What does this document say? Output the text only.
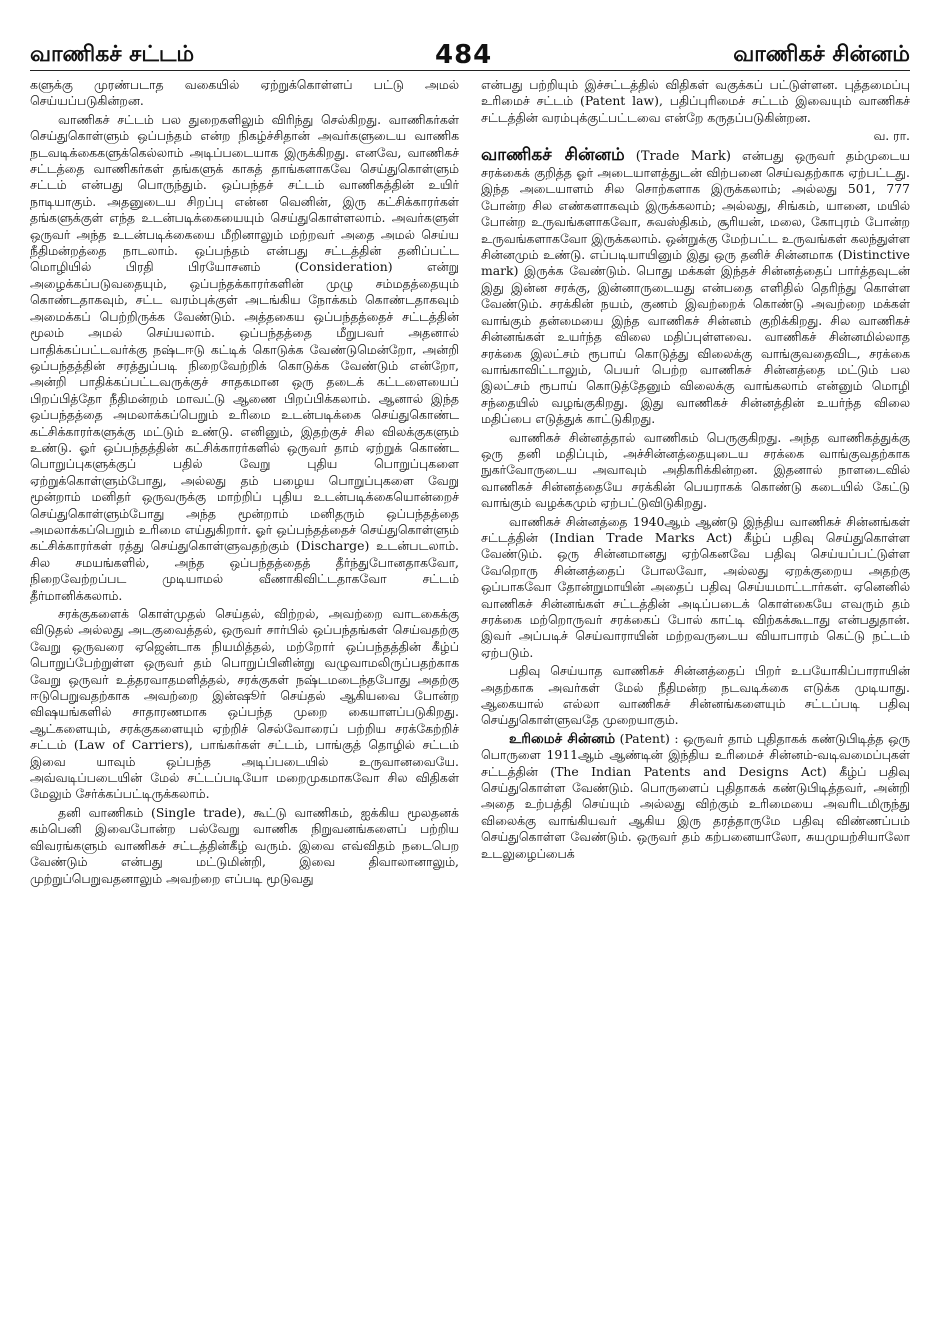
வாணிகச் சட்டம்	484	வாணிகச் சின்னம்

களுக்கு முரண்படாத வகையில் ஏற்றுக்கொள்ளப் பட்டு அமல் செய்யப்படுகின்றன.

வாணிகச் சட்டம் பல துறைகளிலும் விரிந்து செல்கிறது. வாணிகர்கள் செய்துகொள்ளும் ஒப்பந்தம் என்ற நிகழ்ச்சிதான் அவர்களுடைய வாணிக நடவடிக்கைகளுக்கெல்லாம் அடிப்படையாக இருக்கிறது. எனவே, வாணிகச் சட்டத்தை வாணிகர்கள் தங்களுக் காகத் தாங்களாகவே செய்துகொள்ளும் சட்டம் என்பது பொருந்தும். ஒப்பந்தச் சட்டம் வாணிகத்தின் உயிர் நாடியாகும். அதனுடைய சிறப்பு என்ன வெனின், இரு கட்சிக்காரர்கள் தங்களுக்குள் எந்த உடன்படிக்கையையும் செய்துகொள்ளலாம். அவர்களுள் ஒருவர் அந்த உடன்படிக்கையை மீறினாலும் மற்றவர் அதை அமல் செய்ய நீதிமன்றத்தை நாடலாம். ஒப்பந்தம் என்பது சட்டத்தின் தனிப்பட்ட மொழியில் பிரதி பிரயோசனம் (Consideration) என்று அழைக்கப்படுவதையும், ஒப்பந்தக்காரர்களின் முழு சம்மதத்தையும் கொண்டதாகவும், சட்ட வரம்புக்குள் அடங்கிய நோக்கம் கொண்டதாகவும் அமைக்கப் பெற்றிருக்க வேண்டும். அத்தகைய ஒப்பந்தத்தைச் சட்டத்தின் மூலம் அமல் செய்யலாம். ஒப்பந்தத்தை மீறுபவர் அதனால் பாதிக்கப்பட்டவர்க்கு நஷ்டஈடு கட்டிக் கொடுக்க வேண்டுமென்றோ, அன்றி ஒப்பந்தத்தின் சரத்துப்படி நிறைவேற்றிக் கொடுக்க வேண்டும் என்றோ, அன்றி பாதிக்கப்பட்டவருக்குச் சாதகமான ஒரு தடைக் கட்டளையைப் பிறப்பித்தோ நீதிமன்றம் மாவட்டு ஆணை பிறப்பிக்கலாம். ஆனால் இந்த ஒப்பந்தத்தை அமலாக்கப்பெறும் உரிமை உடன்படிக்கை செய்துகொண்ட கட்சிக்காரர்களுக்கு மட்டும் உண்டு. எனினும், இதற்குச் சில விலக்குகளும் உண்டு. ஓர் ஒப்பந்தத்தின் கட்சிக்காரர்களில் ஒருவர் தாம் ஏற்றுக் கொண்ட பொறுப்புகளுக்குப் பதில் வேறு புதிய பொறுப்புகளை ஏற்றுக்கொள்ளும்போது, அல்லது தம் பழைய பொறுப்புகளை வேறு மூன்றாம் மனிதர் ஒருவருக்கு மாற்றிப் புதிய உடன்படிக்கையொன்றைச் செய்துகொள்ளும்போது அந்த மூன்றாம் மனிதரும் ஒப்பந்தத்தை அமலாக்கப்பெறும் உரிமை எய்துகிறார். ஓர் ஒப்பந்தத்தைச் செய்துகொள்ளும் கட்சிக்காரர்கள் ரத்து செய்துகொள்ளுவதற்கும் (Discharge) உடன்படலாம். சில சமயங்களில், அந்த ஒப்பந்தத்தைத் தீர்ந்துபோனதாகவோ, நிறைவேற்றப்பட முடியாமல் வீணாகிவிட்டதாகவோ சட்டம் தீர்மானிக்கலாம்.

சரக்குகளைக் கொள்முதல் செய்தல், விற்றல், அவற்றை வாடகைக்கு விடுதல் அல்லது அடகுவைத்தல், ஒருவர் சார்பில் ஒப்பந்தங்கள் செய்வதற்கு வேறு ஒருவரை ஏஜென்டாக நியமித்தல், மற்றோர் ஒப்பந்தத்தின் கீழ்ப் பொறுப்பேற்றுள்ள ஒருவர் தம் பொறுப்பினின்று வழுவாமலிருப்பதற்காக வேறு ஒருவர் உத்தரவாதமளித்தல், சரக்குகள் நஷ்டமடைந்தபோது அதற்கு ஈடுபெறுவதற்காக அவற்றை இன்ஷூர் செய்தல் ஆகியவை போன்ற விஷயங்களில் சாதாரணமாக ஒப்பந்த முறை கையாளப்படுகிறது. ஆட்களையும், சரக்குகளையும் ஏற்றிச் செல்வோரைப் பற்றிய சரக்கேற்றிச் சட்டம் (Law of Carriers), பாங்கர்கள் சட்டம், பாங்குத் தொழில் சட்டம் இவை யாவும் ஒப்பந்த அடிப்படையில் உருவானவையே. அவ்வடிப்படையின் மேல் சட்டப்படியோ மறைமுகமாகவோ சில விதிகள் மேலும் சேர்க்கப்பட்டிருக்கலாம்.

தனி வாணிகம் (Single trade), கூட்டு வாணிகம், ஐக்கிய மூலதனக் கம்பெனி இவைபோன்ற பல்வேறு வாணிக நிறுவனங்களைப் பற்றிய விவரங்களும் வாணிகச் சட்டத்தின்கீழ் வரும். இவை எவ்விதம் நடைபெற வேண்டும் என்பது மட்டுமின்றி, இவை திவாலானாலும், முற்றுப்பெறுவதனாலும் அவற்றை எப்படி மூடுவது

என்பது பற்றியும் இச்சட்டத்தில் விதிகள் வகுக்கப் பட்டுள்ளன. புத்தமைப்பு உரிமைச் சட்டம் (Patent law), பதிப்புரிமைச் சட்டம் இவையும் வாணிகச் சட்டத்தின் வரம்புக்குட்பட்டவை என்றே கருதப்படுகின்றன.

வ. ரா.

வாணிகச் சின்னம் (Trade Mark) என்பது ஒருவர் தம்முடைய சரக்கைக் குறித்த ஓர் அடையாளத்துடன் விற்பனை செய்வதற்காக ஏற்பட்டது. இந்த அடையாளம் சில சொற்களாக இருக்கலாம்; அல்லது 501, 777 போன்ற சில எண்களாகவும் இருக்கலாம்; அல்லது, சிங்கம், யானை, மயில் போன்ற உருவங்களாகவோ, சுவஸ்திகம், சூரியன், மலை, கோபுரம் போன்ற உருவங்களாகவோ இருக்கலாம். ஒன்றுக்கு மேற்பட்ட உருவங்கள் கலந்துள்ள சின்னமும் உண்டு. எப்படியாயினும் இது ஒரு தனிச் சின்னமாக (Distinctive mark) இருக்க வேண்டும். பொது மக்கள் இந்தச் சின்னத்தைப் பார்த்தவுடன் இது இன்ன சரக்கு, இன்னாருடையது என்பதை எளிதில் தெரிந்து கொள்ள வேண்டும். சரக்கின் நயம், குணம் இவற்றைக் கொண்டு அவற்றை மக்கள் வாங்கும் தன்மையை இந்த வாணிகச் சின்னம் குறிக்கிறது. சில வாணிகச் சின்னங்கள் உயர்ந்த விலை மதிப்புள்ளவை. வாணிகச் சின்னமில்லாத சரக்கை இலட்சம் ரூபாய் கொடுத்து விலைக்கு வாங்குவதைவிட, சரக்கை வாங்காவிட்டாலும், பெயர் பெற்ற வாணிகச் சின்னத்தை மட்டும் பல இலட்சம் ரூபாய் கொடுத்தேனும் விலைக்கு வாங்கலாம் என்னும் மொழி சந்தையில் வழங்குகிறது. இது வாணிகச் சின்னத்தின் உயர்ந்த விலை மதிப்பை எடுத்துக் காட்டுகிறது.

வாணிகச் சின்னத்தால் வாணிகம் பெருகுகிறது. அந்த வாணிகத்துக்கு ஒரு தனி மதிப்பும், அச்சின்னத்தையுடைய சரக்கை வாங்குவதற்காக நுகர்வோருடைய அவாவும் அதிகரிக்கின்றன. இதனால் நாளடைவில் வாணிகச் சின்னத்தையே சரக்கின் பெயராகக் கொண்டு கடையில் கேட்டு வாங்கும் வழக்கமும் ஏற்பட்டுவிடுகிறது.

வாணிகச் சின்னத்தை 1940ஆம் ஆண்டு இந்திய வாணிகச் சின்னங்கள் சட்டத்தின் (Indian Trade Marks Act) கீழ்ப் பதிவு செய்துகொள்ள வேண்டும். ஒரு சின்னமானது ஏற்கெனவே பதிவு செய்யப்பட்டுள்ள வேறொரு சின்னத்தைப் போலவோ, அல்லது ஏறக்குறைய அதற்கு ஒப்பாகவோ தோன்றுமாயின் அதைப் பதிவு செய்யமாட்டார்கள். ஏனெனில் வாணிகச் சின்னங்கள் சட்டத்தின் அடிப்படைக் கொள்கையே எவரும் தம் சரக்கை மற்றொருவர் சரக்கைப் போல் காட்டி விற்கக்கூடாது என்பதுதான். இவர் அப்படிச் செய்வாராயின் மற்றவருடைய வியாபாரம் கெட்டு நட்டம் ஏற்படும்.

பதிவு செய்யாத வாணிகச் சின்னத்தைப் பிறர் உபயோகிப்பாராயின் அதற்காக அவர்கள் மேல் நீதிமன்ற நடவடிக்கை எடுக்க முடியாது. ஆகையால் எல்லா வாணிகச் சின்னங்களையும் சட்டப்படி பதிவு செய்துகொள்ளுவதே முறையாகும்.

உரிமைச் சின்னம் (Patent) : ஒருவர் தாம் புதிதாகக் கண்டுபிடித்த ஒரு பொருளை 1911ஆம் ஆண்டின் இந்திய உரிமைச் சின்னம்-வடிவமைப்புகள் சட்டத்தின் (The Indian Patents and Designs Act) கீழ்ப் பதிவு செய்துகொள்ள வேண்டும். பொருளைப் புதிதாகக் கண்டுபிடித்தவர், அன்றி அதை உற்பத்தி செய்யும் அல்லது விற்கும் உரிமையை அவரிடமிருந்து விலைக்கு வாங்கியவர் ஆகிய இரு தரத்தாருமே பதிவு விண்ணப்பம் செய்துகொள்ள வேண்டும். ஒருவர் தம் கற்பனையாலோ, சுயமுயற்சியாலோ உடலுழைப்பைக்
